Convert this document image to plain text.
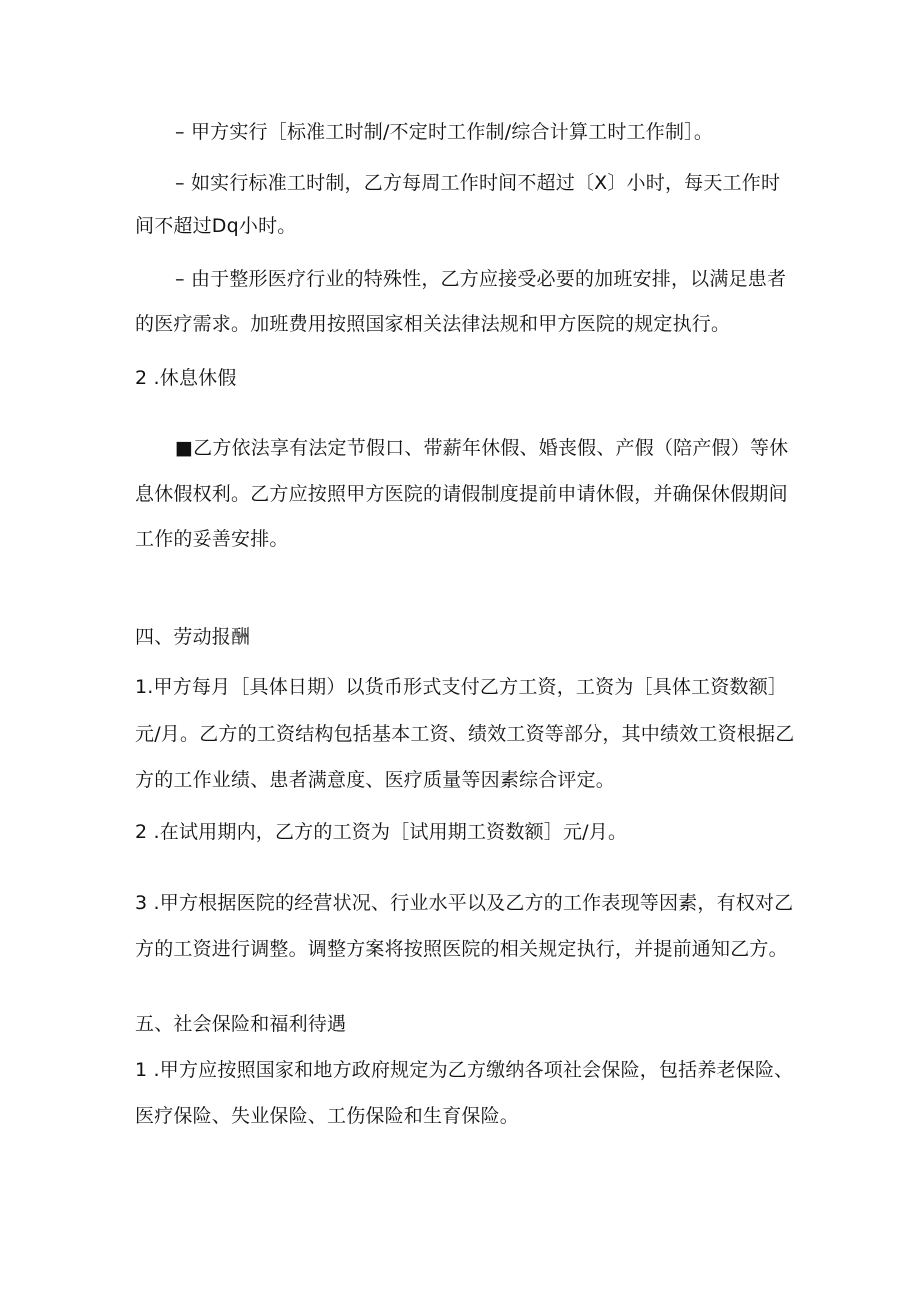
– 甲方实行［标准工时制/不定时工作制/综合计算工时工作制］。
– 如实行标准工时制，乙方每周工作时间不超过〔X〕小时，每天工作时
间不超过Dq小时。
– 由于整形医疗行业的特殊性，乙方应接受必要的加班安排，以满足患者
的医疗需求。加班费用按照国家相关法律法规和甲方医院的规定执行。
2 .休息休假
■乙方依法享有法定节假口、带薪年休假、婚丧假、产假（陪产假）等休
息休假权利。乙方应按照甲方医院的请假制度提前申请休假，并确保休假期间
工作的妥善安排。
四、劳动报酬
1.甲方每月［具体日期）以货币形式支付乙方工资，工资为［具体工资数额］
元/月。乙方的工资结构包括基本工资、绩效工资等部分，其中绩效工资根据乙
方的工作业绩、患者满意度、医疗质量等因素综合评定。
2 .在试用期内，乙方的工资为［试用期工资数额］元/月。
3 .甲方根据医院的经营状况、行业水平以及乙方的工作表现等因素，有权对乙
方的工资进行调整。调整方案将按照医院的相关规定执行，并提前通知乙方。
五、社会保险和福利待遇
1 .甲方应按照国家和地方政府规定为乙方缴纳各项社会保险，包括养老保险、
医疗保险、失业保险、工伤保险和生育保险。
